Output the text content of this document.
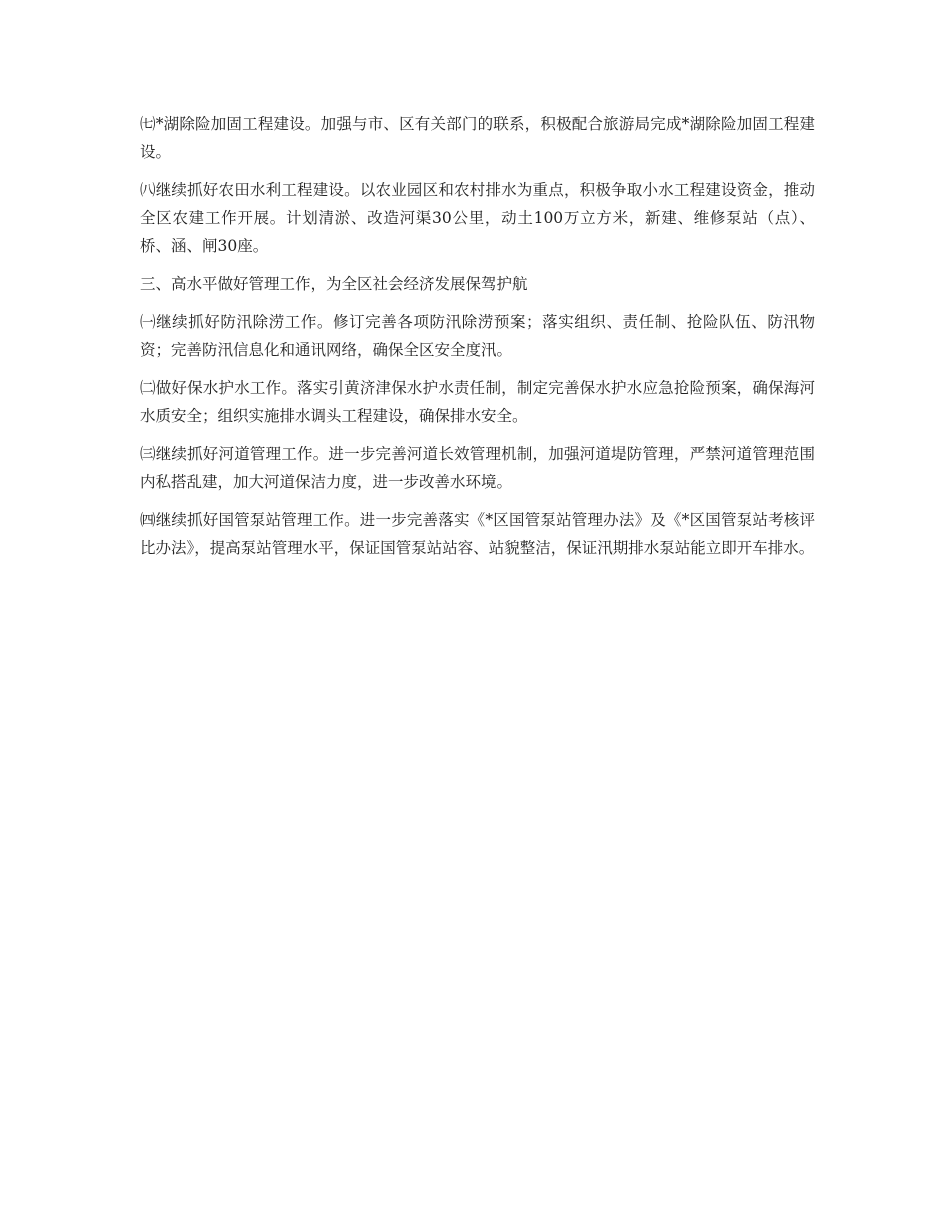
㈦*湖除险加固工程建设。加强与市、区有关部门的联系，积极配合旅游局完成*湖除险加固工程建设。

㈧继续抓好农田水利工程建设。以农业园区和农村排水为重点，积极争取小水工程建设资金，推动全区农建工作开展。计划清淤、改造河渠30公里，动土100万立方米，新建、维修泵站（点）、桥、涵、闸30座。

三、高水平做好管理工作，为全区社会经济发展保驾护航

㈠继续抓好防汛除涝工作。修订完善各项防汛除涝预案；落实组织、责任制、抢险队伍、防汛物资；完善防汛信息化和通讯网络，确保全区安全度汛。

㈡做好保水护水工作。落实引黄济津保水护水责任制，制定完善保水护水应急抢险预案，确保海河水质安全；组织实施排水调头工程建设，确保排水安全。

㈢继续抓好河道管理工作。进一步完善河道长效管理机制，加强河道堤防管理，严禁河道管理范围内私搭乱建，加大河道保洁力度，进一步改善水环境。

㈣继续抓好国管泵站管理工作。进一步完善落实《*区国管泵站管理办法》及《*区国管泵站考核评比办法》，提高泵站管理水平，保证国管泵站站容、站貌整洁，保证汛期排水泵站能立即开车排水。
